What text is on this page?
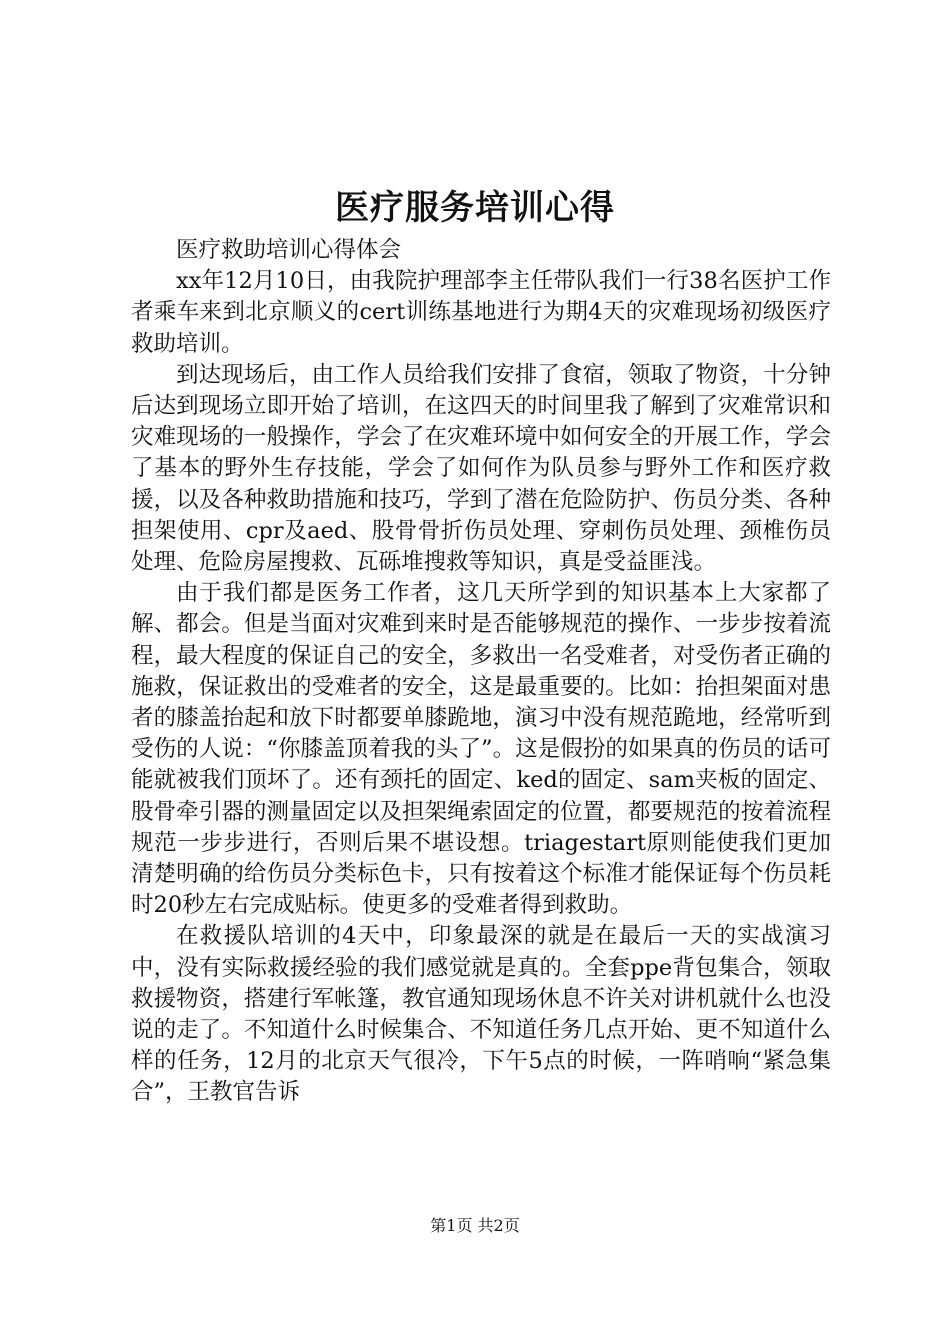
医疗服务培训心得

医疗救助培训心得体会

xx年12月10日，由我院护理部李主任带队我们一行38名医护工作者乘车来到北京顺义的cert训练基地进行为期4天的灾难现场初级医疗救助培训。

到达现场后，由工作人员给我们安排了食宿，领取了物资，十分钟后达到现场立即开始了培训，在这四天的时间里我了解到了灾难常识和灾难现场的一般操作，学会了在灾难环境中如何安全的开展工作，学会了基本的野外生存技能，学会了如何作为队员参与野外工作和医疗救援，以及各种救助措施和技巧，学到了潜在危险防护、伤员分类、各种担架使用、cpr及aed、股骨骨折伤员处理、穿刺伤员处理、颈椎伤员处理、危险房屋搜救、瓦砾堆搜救等知识，真是受益匪浅。

由于我们都是医务工作者，这几天所学到的知识基本上大家都了解、都会。但是当面对灾难到来时是否能够规范的操作、一步步按着流程，最大程度的保证自己的安全，多救出一名受难者，对受伤者正确的施救，保证救出的受难者的安全，这是最重要的。比如：抬担架面对患者的膝盖抬起和放下时都要单膝跪地，演习中没有规范跪地，经常听到受伤的人说：“你膝盖顶着我的头了”。这是假扮的如果真的伤员的话可能就被我们顶坏了。还有颈托的固定、ked的固定、sam夹板的固定、股骨牵引器的测量固定以及担架绳索固定的位置，都要规范的按着流程规范一步步进行，否则后果不堪设想。triagestart原则能使我们更加清楚明确的给伤员分类标色卡，只有按着这个标准才能保证每个伤员耗时20秒左右完成贴标。使更多的受难者得到救助。

在救援队培训的4天中，印象最深的就是在最后一天的实战演习中，没有实际救援经验的我们感觉就是真的。全套ppe背包集合，领取救援物资，搭建行军帐篷，教官通知现场休息不许关对讲机就什么也没说的走了。不知道什么时候集合、不知道任务几点开始、更不知道什么样的任务，12月的北京天气很冷，下午5点的时候，一阵哨响“紧急集合”，王教官告诉

第1页 共2页
